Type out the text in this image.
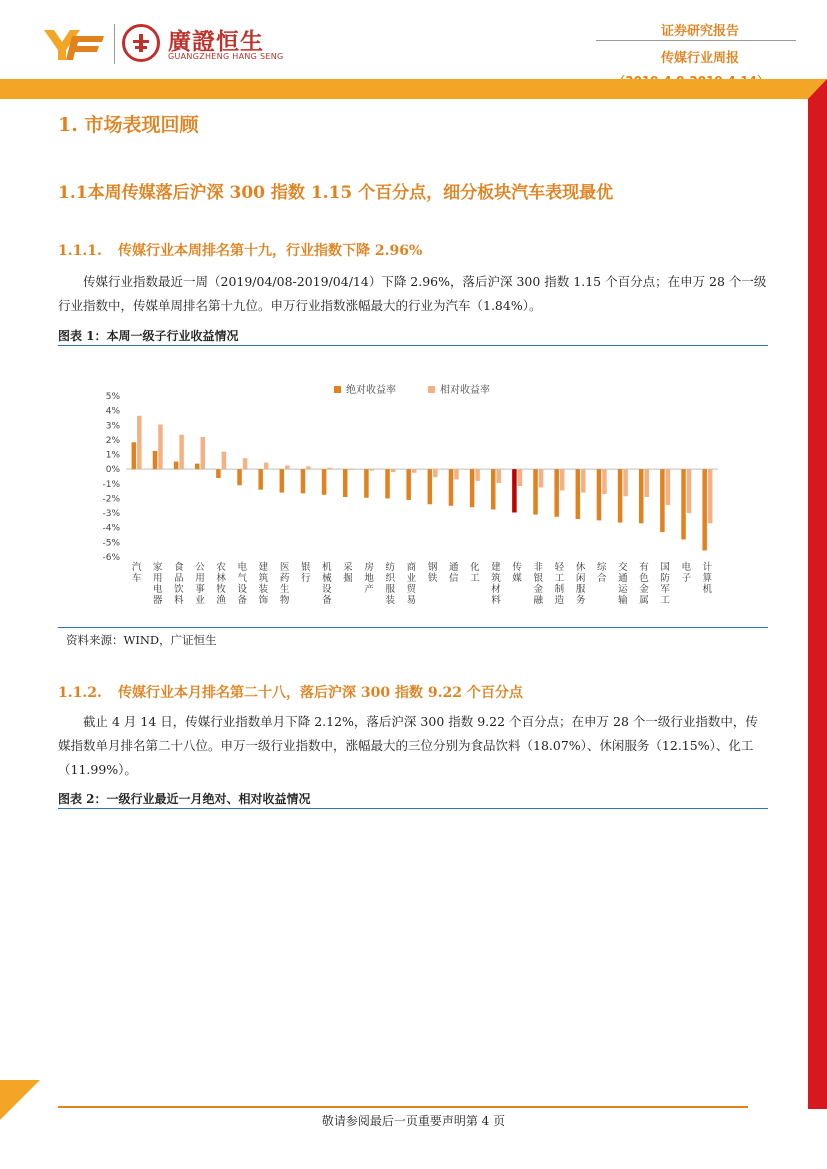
廣證恒生
GUANGZHENG HANG SENG
证券研究报告
传媒行业周报
1. 市场表现回顾
1.1本周传媒落后沪深 300 指数 1.15 个百分点，细分板块汽车表现最优
1.1.1. 传媒行业本周排名第十九，行业指数下降 2.96%
传媒行业指数最近一周（2019/04/08-2019/04/14）下降 2.96%，落后沪深 300 指数 1.15 个百分点；在申万 28 个一级行业指数中，传媒单周排名第十九位。申万行业指数涨幅最大的行业为汽车（1.84%）。
图表 1：本周一级子行业收益情况
5%
4%
3%
2%
1%
0%
-1%
-2%
-3%
-4%
-5%
-6%
绝对收益率	相对收益率
汽车
家用电器
食品饮料
公用事业
农林牧渔
电气设备
建筑装饰
医药生物
银行
机械设备
采掘
房地产
纺织服装
商业贸易
钢铁
通信
化工
建筑材料
传媒
非银金融
轻工制造
休闲服务
综合
交通运输
有色金属
国防军工
电子
计算机
资料来源：WIND，广证恒生
1.1.2. 传媒行业本月排名第二十八，落后沪深 300 指数 9.22 个百分点
截止 4 月 14 日，传媒行业指数单月下降 2.12%，落后沪深 300 指数 9.22 个百分点；在申万 28 个一级行业指数中，传媒指数单月排名第二十八位。申万一级行业指数中，涨幅最大的三位分别为食品饮料（18.07%）、休闲服务（12.15%）、化工（11.99%）。
图表 2：一级行业最近一月绝对、相对收益情况
敬请参阅最后一页重要声明第 4 页
